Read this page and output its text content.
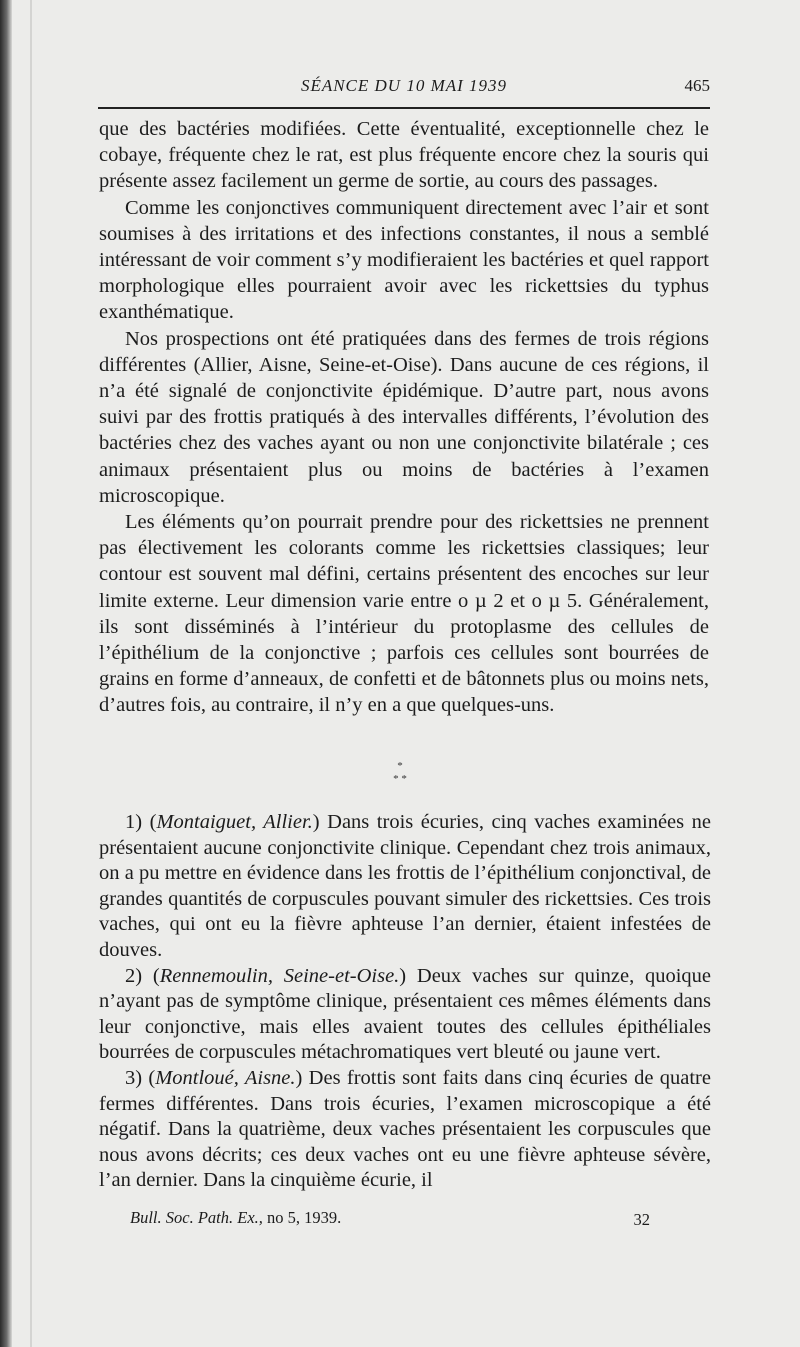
SÉANCE DU 10 MAI 1939	465

que des bactéries modifiées. Cette éventualité, exceptionnelle chez le cobaye, fréquente chez le rat, est plus fréquente encore chez la souris qui présente assez facilement un germe de sortie, au cours des passages.

Comme les conjonctives communiquent directement avec l’air et sont soumises à des irritations et des infections constantes, il nous a semblé intéressant de voir comment s’y modifieraient les bactéries et quel rapport morphologique elles pourraient avoir avec les rickettsies du typhus exanthématique.

Nos prospections ont été pratiquées dans des fermes de trois régions différentes (Allier, Aisne, Seine-et-Oise). Dans aucune de ces régions, il n’a été signalé de conjonctivite épidémique. D’autre part, nous avons suivi par des frottis pratiqués à des intervalles différents, l’évolution des bactéries chez des vaches ayant ou non une conjonctivite bilatérale ; ces animaux présentaient plus ou moins de bactéries à l’examen microscopique.

Les éléments qu’on pourrait prendre pour des rickettsies ne prennent pas électivement les colorants comme les rickettsies classiques; leur contour est souvent mal défini, certains présentent des encoches sur leur limite externe. Leur dimension varie entre o µ 2 et o µ 5. Généralement, ils sont disséminés à l’intérieur du protoplasme des cellules de l’épithélium de la conjonctive ; parfois ces cellules sont bourrées de grains en forme d’anneaux, de confetti et de bâtonnets plus ou moins nets, d’autres fois, au contraire, il n’y en a que quelques-uns.

*
* *

1) (Montaiguet, Allier.) Dans trois écuries, cinq vaches examinées ne présentaient aucune conjonctivite clinique. Cependant chez trois animaux, on a pu mettre en évidence dans les frottis de l’épithélium conjonctival, de grandes quantités de corpuscules pouvant simuler des rickettsies. Ces trois vaches, qui ont eu la fièvre aphteuse l’an dernier, étaient infestées de douves.

2) (Rennemoulin, Seine-et-Oise.) Deux vaches sur quinze, quoique n’ayant pas de symptôme clinique, présentaient ces mêmes éléments dans leur conjonctive, mais elles avaient toutes des cellules épithéliales bourrées de corpuscules métachromatiques vert bleuté ou jaune vert.

3) (Montloué, Aisne.) Des frottis sont faits dans cinq écuries de quatre fermes différentes. Dans trois écuries, l’examen microscopique a été négatif. Dans la quatrième, deux vaches présentaient les corpuscules que nous avons décrits; ces deux vaches ont eu une fièvre aphteuse sévère, l’an dernier. Dans la cinquième écurie, il

Bull. Soc. Path. Ex., no 5, 1939.	32
